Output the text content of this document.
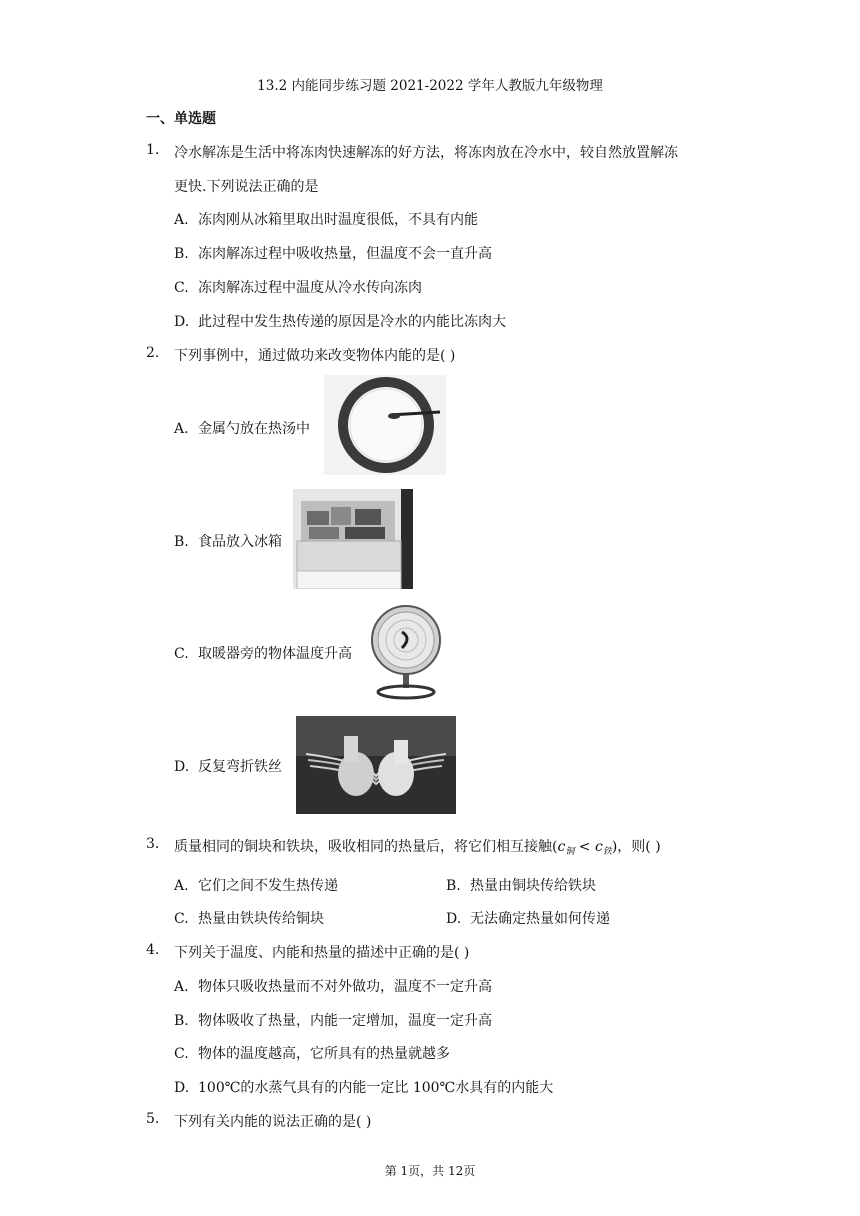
13.2 内能同步练习题 2021-2022 学年人教版九年级物理
一、单选题
1. 冷水解冻是生活中将冻肉快速解冻的好方法，将冻肉放在冷水中，较自然放置解冻
更快.下列说法正确的是
A. 冻肉刚从冰箱里取出时温度很低，不具有内能
B. 冻肉解冻过程中吸收热量，但温度不会一直升高
C. 冻肉解冻过程中温度从冷水传向冻肉
D. 此过程中发生热传递的原因是冷水的内能比冻肉大
2. 下列事例中，通过做功来改变物体内能的是( )
A. 金属勺放在热汤中
B. 食品放入冰箱
C. 取暖器旁的物体温度升高
D. 反复弯折铁丝
3. 质量相同的铜块和铁块，吸收相同的热量后，将它们相互接触$(c_铜 < c_铁)$，则( )
A. 它们之间不发生热传递	B. 热量由铜块传给铁块
C. 热量由铁块传给铜块	D. 无法确定热量如何传递
4. 下列关于温度、内能和热量的描述中正确的是( )
A. 物体只吸收热量而不对外做功，温度不一定升高
B. 物体吸收了热量，内能一定增加，温度一定升高
C. 物体的温度越高，它所具有的热量就越多
D. 100℃的水蒸气具有的内能一定比 100℃水具有的内能大
5. 下列有关内能的说法正确的是( )
第 1页，共 12页
